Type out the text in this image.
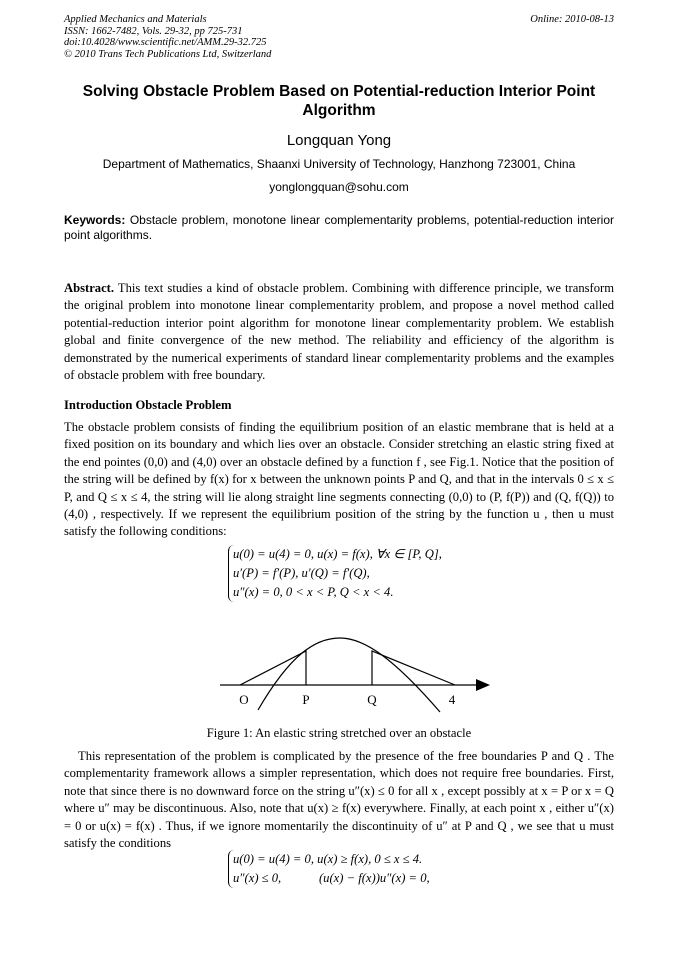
Applied Mechanics and Materials
ISSN: 1662-7482, Vols. 29-32, pp 725-731
doi:10.4028/www.scientific.net/AMM.29-32.725
© 2010 Trans Tech Publications Ltd, Switzerland
Online: 2010-08-13
Solving Obstacle Problem Based on Potential-reduction Interior Point Algorithm
Longquan Yong
Department of Mathematics, Shaanxi University of Technology, Hanzhong 723001, China
yonglongquan@sohu.com
Keywords: Obstacle problem, monotone linear complementarity problems, potential-reduction interior point algorithms.
Abstract. This text studies a kind of obstacle problem. Combining with difference principle, we transform the original problem into monotone linear complementarity problem, and propose a novel method called potential-reduction interior point algorithm for monotone linear complementarity problem. We establish global and finite convergence of the new method. The reliability and efficiency of the algorithm is demonstrated by the numerical experiments of standard linear complementarity problems and the examples of obstacle problem with free boundary.
Introduction Obstacle Problem
The obstacle problem consists of finding the equilibrium position of an elastic membrane that is held at a fixed position on its boundary and which lies over an obstacle. Consider stretching an elastic string fixed at the end pointes (0,0) and (4,0) over an obstacle defined by a function f , see Fig.1. Notice that the position of the string will be defined by f(x) for x between the unknown points P and Q, and that in the intervals 0 ≤ x ≤ P, and Q ≤ x ≤ 4, the string will lie along straight line segments connecting (0,0) to (P, f(P)) and (Q, f(Q)) to (4,0) , respectively. If we represent the equilibrium position of the string by the function u , then u must satisfy the following conditions:
u(0) = u(4) = 0, u(x) = f(x), ∀x ∈ [P, Q],
u′(P) = f′(P), u′(Q) = f′(Q),
u″(x) = 0, 0 < x < P, Q < x < 4.
O	P	Q	4
Figure 1: An elastic string stretched over an obstacle
This representation of the problem is complicated by the presence of the free boundaries P and Q . The complementarity framework allows a simpler representation, which does not require free boundaries. First, note that since there is no downward force on the string u″(x) ≤ 0 for all x , except possibly at x = P or x = Q where u″ may be discontinuous. Also, note that u(x) ≥ f(x) everywhere. Finally, at each point x , either u″(x) = 0 or u(x) = f(x) . Thus, if we ignore momentarily the discontinuity of u″ at P and Q , we see that u must satisfy the conditions
u(0) = u(4) = 0, u(x) ≥ f(x), 0 ≤ x ≤ 4.
u″(x) ≤ 0,            (u(x) − f(x))u″(x) = 0,
